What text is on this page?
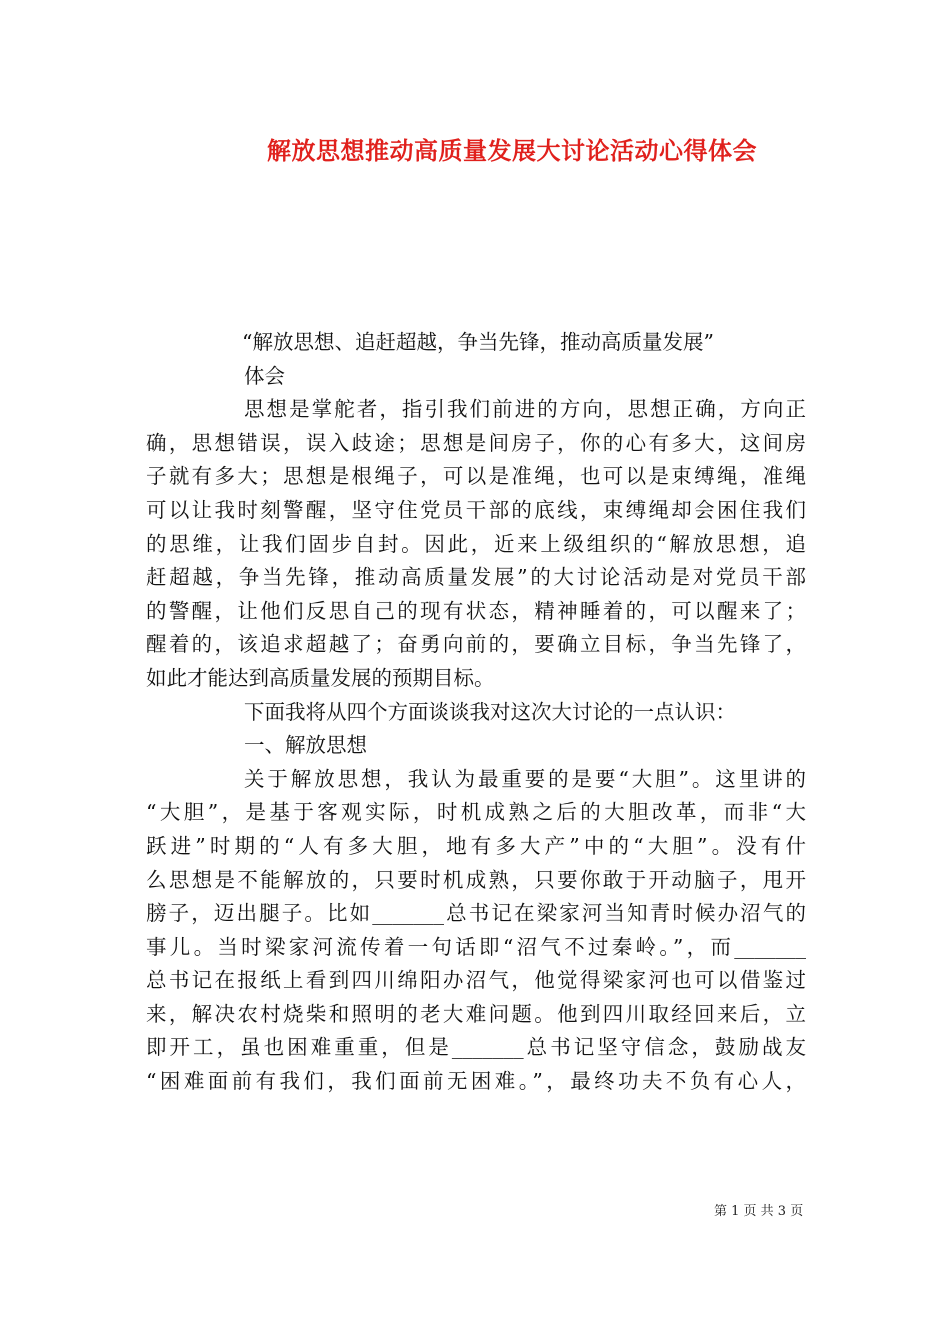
解放思想推动高质量发展大讨论活动心得体会
“解放思想、追赶超越，争当先锋，推动高质量发展”
体会
思想是掌舵者，指引我们前进的方向，思想正确，方向正
确，思想错误，误入歧途；思想是间房子，你的心有多大，这间房
子就有多大；思想是根绳子，可以是准绳，也可以是束缚绳，准绳
可以让我时刻警醒，坚守住党员干部的底线，束缚绳却会困住我们
的思维，让我们固步自封。因此，近来上级组织的“解放思想，追
赶超越，争当先锋，推动高质量发展”的大讨论活动是对党员干部
的警醒，让他们反思自己的现有状态，精神睡着的，可以醒来了；
醒着的，该追求超越了；奋勇向前的，要确立目标，争当先锋了，
如此才能达到高质量发展的预期目标。
下面我将从四个方面谈谈我对这次大讨论的一点认识：
一、解放思想
关于解放思想，我认为最重要的是要“大胆”。这里讲的
“大胆”，是基于客观实际，时机成熟之后的大胆改革，而非“大
跃进”时期的“人有多大胆，地有多大产”中的“大胆”。没有什
么思想是不能解放的，只要时机成熟，只要你敢于开动脑子，甩开
膀子，迈出腿子。比如_______总书记在梁家河当知青时候办沼气的
事儿。当时梁家河流传着一句话即“沼气不过秦岭。”，而_______
总书记在报纸上看到四川绵阳办沼气，他觉得梁家河也可以借鉴过
来，解决农村烧柴和照明的老大难问题。他到四川取经回来后，立
即开工，虽也困难重重，但是_______总书记坚守信念，鼓励战友
“困难面前有我们，我们面前无困难。”，最终功夫不负有心人，
第 1 页 共 3 页
